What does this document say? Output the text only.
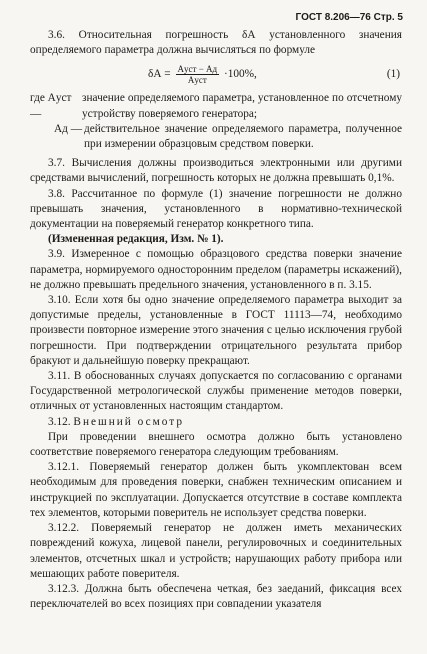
ГОСТ 8.206—76 Стр. 5

3.6. Относительная погрешность δА установленного значения определяемого параметра должна вычисляться по формуле

$\delta А = \frac{\text{Aуст − Aд}}{\text{Aуст}} \cdot 100\%$,	(1)
где Aуст —
значение определяемого параметра, установленное по отсчетному устройству поверяемого генератора;
Aд — действительное значение определяемого параметра, полученное при измерении образцовым средством поверки.

3.7. Вычисления должны производиться электронными или другими средствами вычислений, погрешность которых не должна превышать 0,1%.

3.8. Рассчитанное по формуле (1) значение погрешности не должно превышать значения, установленного в нормативно-технической документации на поверяемый генератор конкретного типа.

(Измененная редакция, Изм. № 1).

3.9. Измеренное с помощью образцового средства поверки значение параметра, нормируемого односторонним пределом (параметры искажений), не должно превышать предельного значения, установленного в п. 3.15.

3.10. Если хотя бы одно значение определяемого параметра выходит за допустимые пределы, установленные в ГОСТ 11113—74, необходимо произвести повторное измерение этого значения с целью исключения грубой погрешности. При подтверждении отрицательного результата прибор бракуют и дальнейшую поверку прекращают.

3.11. В обоснованных случаях допускается по согласованию с органами Государственной метрологической службы применение методов поверки, отличных от установленных настоящим стандартом.

3.12. Внешний осмотр

При проведении внешнего осмотра должно быть установлено соответствие поверяемого генератора следующим требованиям.

3.12.1. Поверяемый генератор должен быть укомплектован всем необходимым для проведения поверки, снабжен техническим описанием и инструкцией по эксплуатации. Допускается отсутствие в составе комплекта тех элементов, которыми поверитель не использует средства поверки.

3.12.2. Поверяемый генератор не должен иметь механических повреждений кожуха, лицевой панели, регулировочных и соединительных элементов, отсчетных шкал и устройств; нарушающих работу прибора или мешающих работе поверителя.

3.12.3. Должна быть обеспечена четкая, без заеданий, фиксация всех переключателей во всех позициях при совпадении указателя
